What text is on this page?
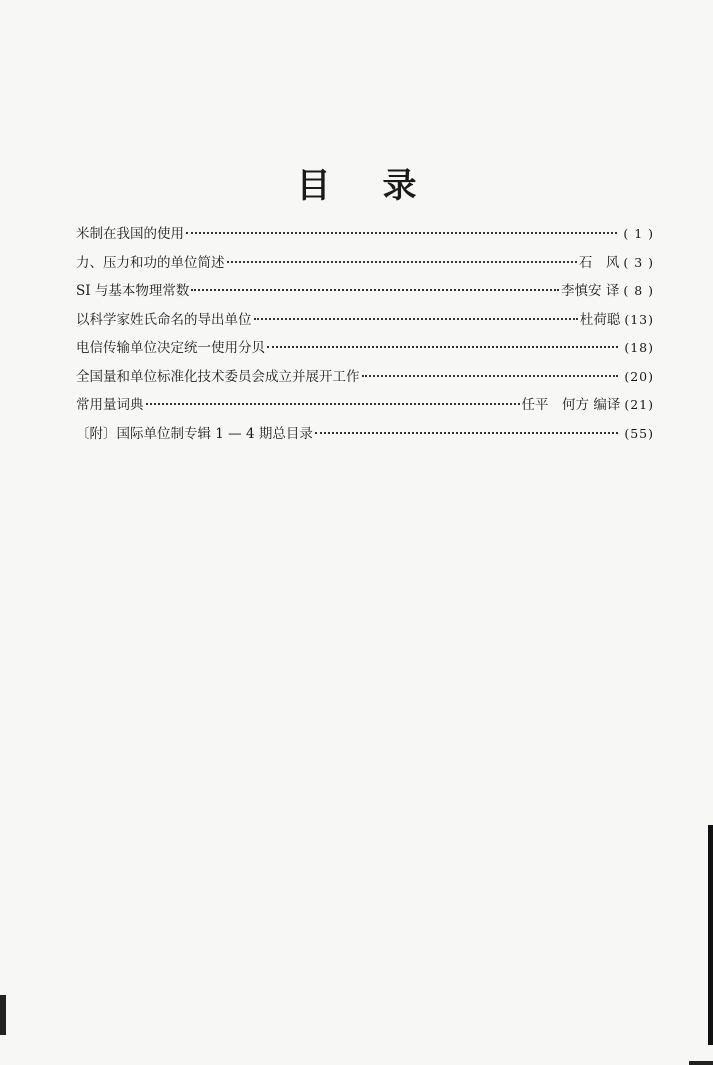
目 录
米制在我国的使用	( 1 )
力、压力和功的单位简述	石　风 ( 3 )
SI 与基本物理常数	李慎安 译 ( 8 )
以科学家姓氏命名的导出单位	杜荷聪 (13)
电信传输单位决定统一使用分贝	(18)
全国量和单位标准化技术委员会成立并展开工作	(20)
常用量词典	任平　何方 编译 (21)
〔附〕国际单位制专辑 1 — 4 期总目录	(55)
